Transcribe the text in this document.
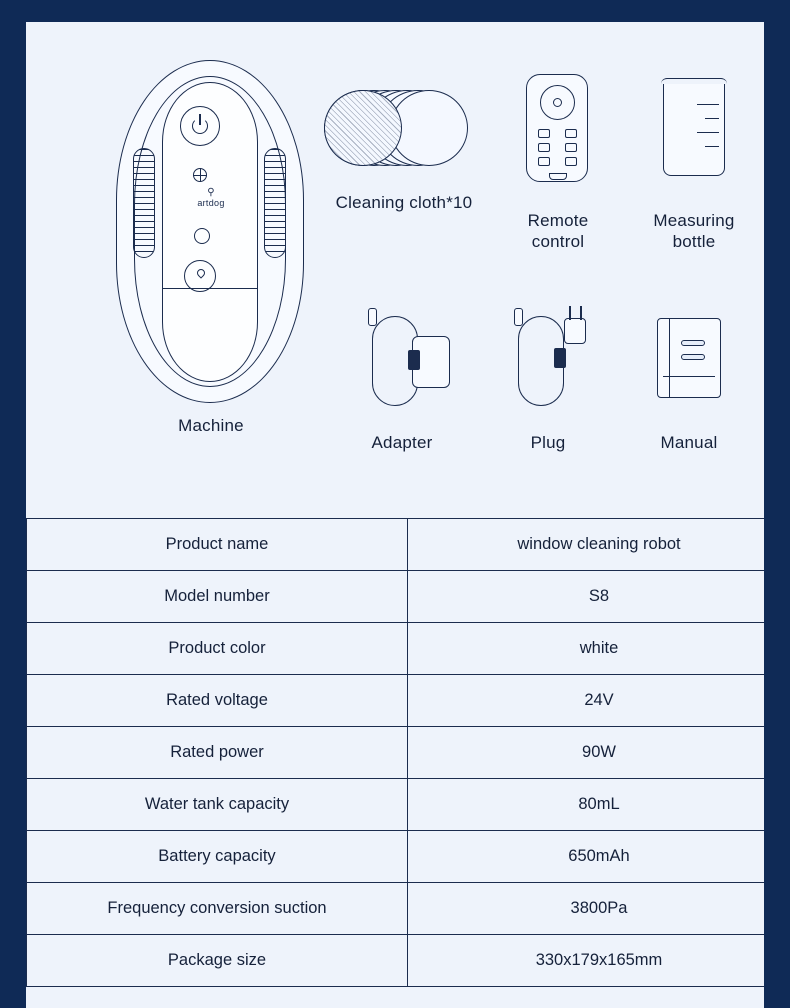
⚲
artdog
Machine
Cleaning cloth*10
Remote
control
Measuring
bottle
Adapter	Plug	Manual
Product name	window cleaning robot
Model number	S8
Product color	white
Rated voltage	24V
Rated power	90W
Water tank capacity	80mL
Battery capacity	650mAh
Frequency conversion suction	3800Pa
Package size	330x179x165mm
